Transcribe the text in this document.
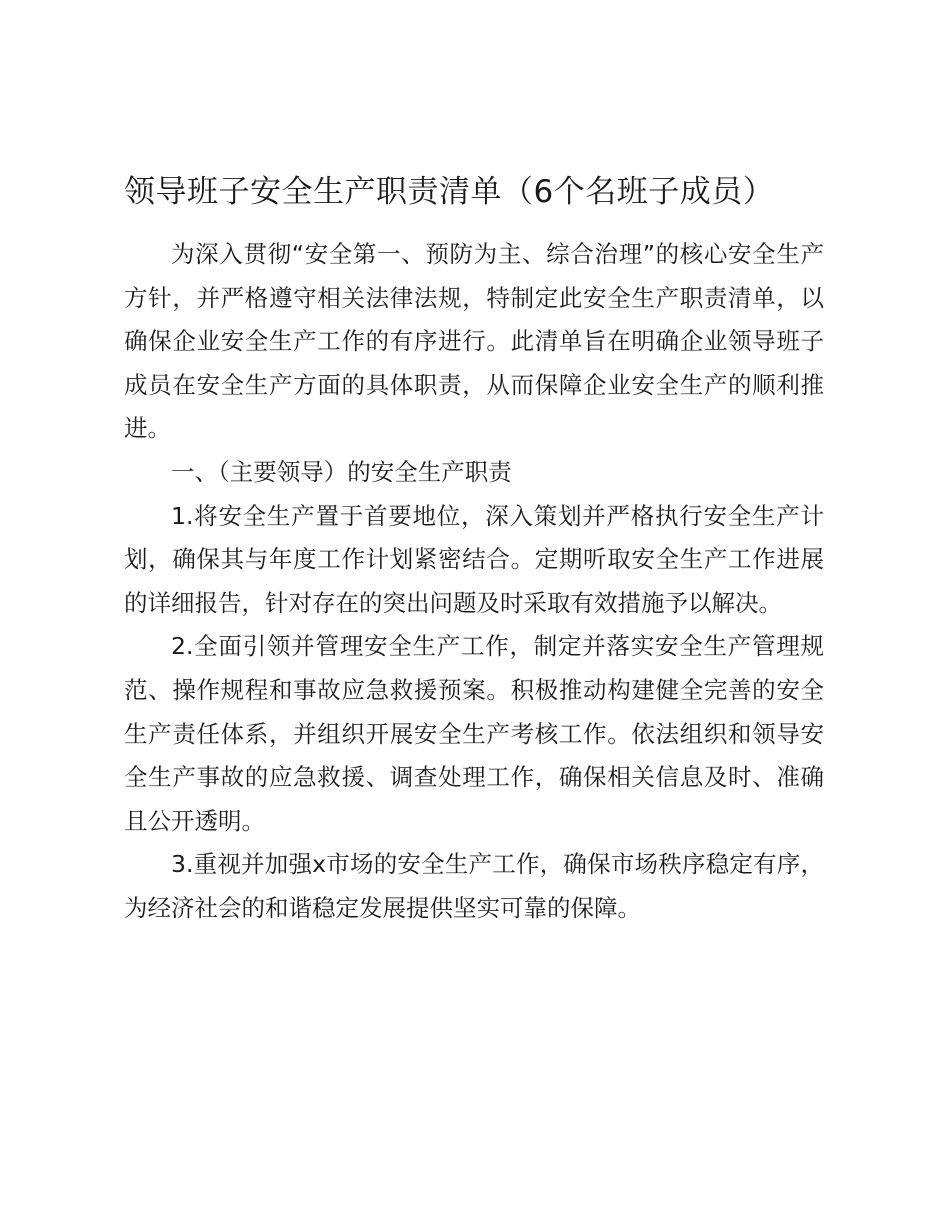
领导班子安全生产职责清单（6个名班子成员）

为深入贯彻“安全第一、预防为主、综合治理”的核心安全生产方针，并严格遵守相关法律法规，特制定此安全生产职责清单，以确保企业安全生产工作的有序进行。此清单旨在明确企业领导班子成员在安全生产方面的具体职责，从而保障企业安全生产的顺利推进。

一、（主要领导）的安全生产职责

1.将安全生产置于首要地位，深入策划并严格执行安全生产计划，确保其与年度工作计划紧密结合。定期听取安全生产工作进展的详细报告，针对存在的突出问题及时采取有效措施予以解决。

2.全面引领并管理安全生产工作，制定并落实安全生产管理规范、操作规程和事故应急救援预案。积极推动构建健全完善的安全生产责任体系，并组织开展安全生产考核工作。依法组织和领导安全生产事故的应急救援、调查处理工作，确保相关信息及时、准确且公开透明。

3.重视并加强x市场的安全生产工作，确保市场秩序稳定有序，为经济社会的和谐稳定发展提供坚实可靠的保障。
